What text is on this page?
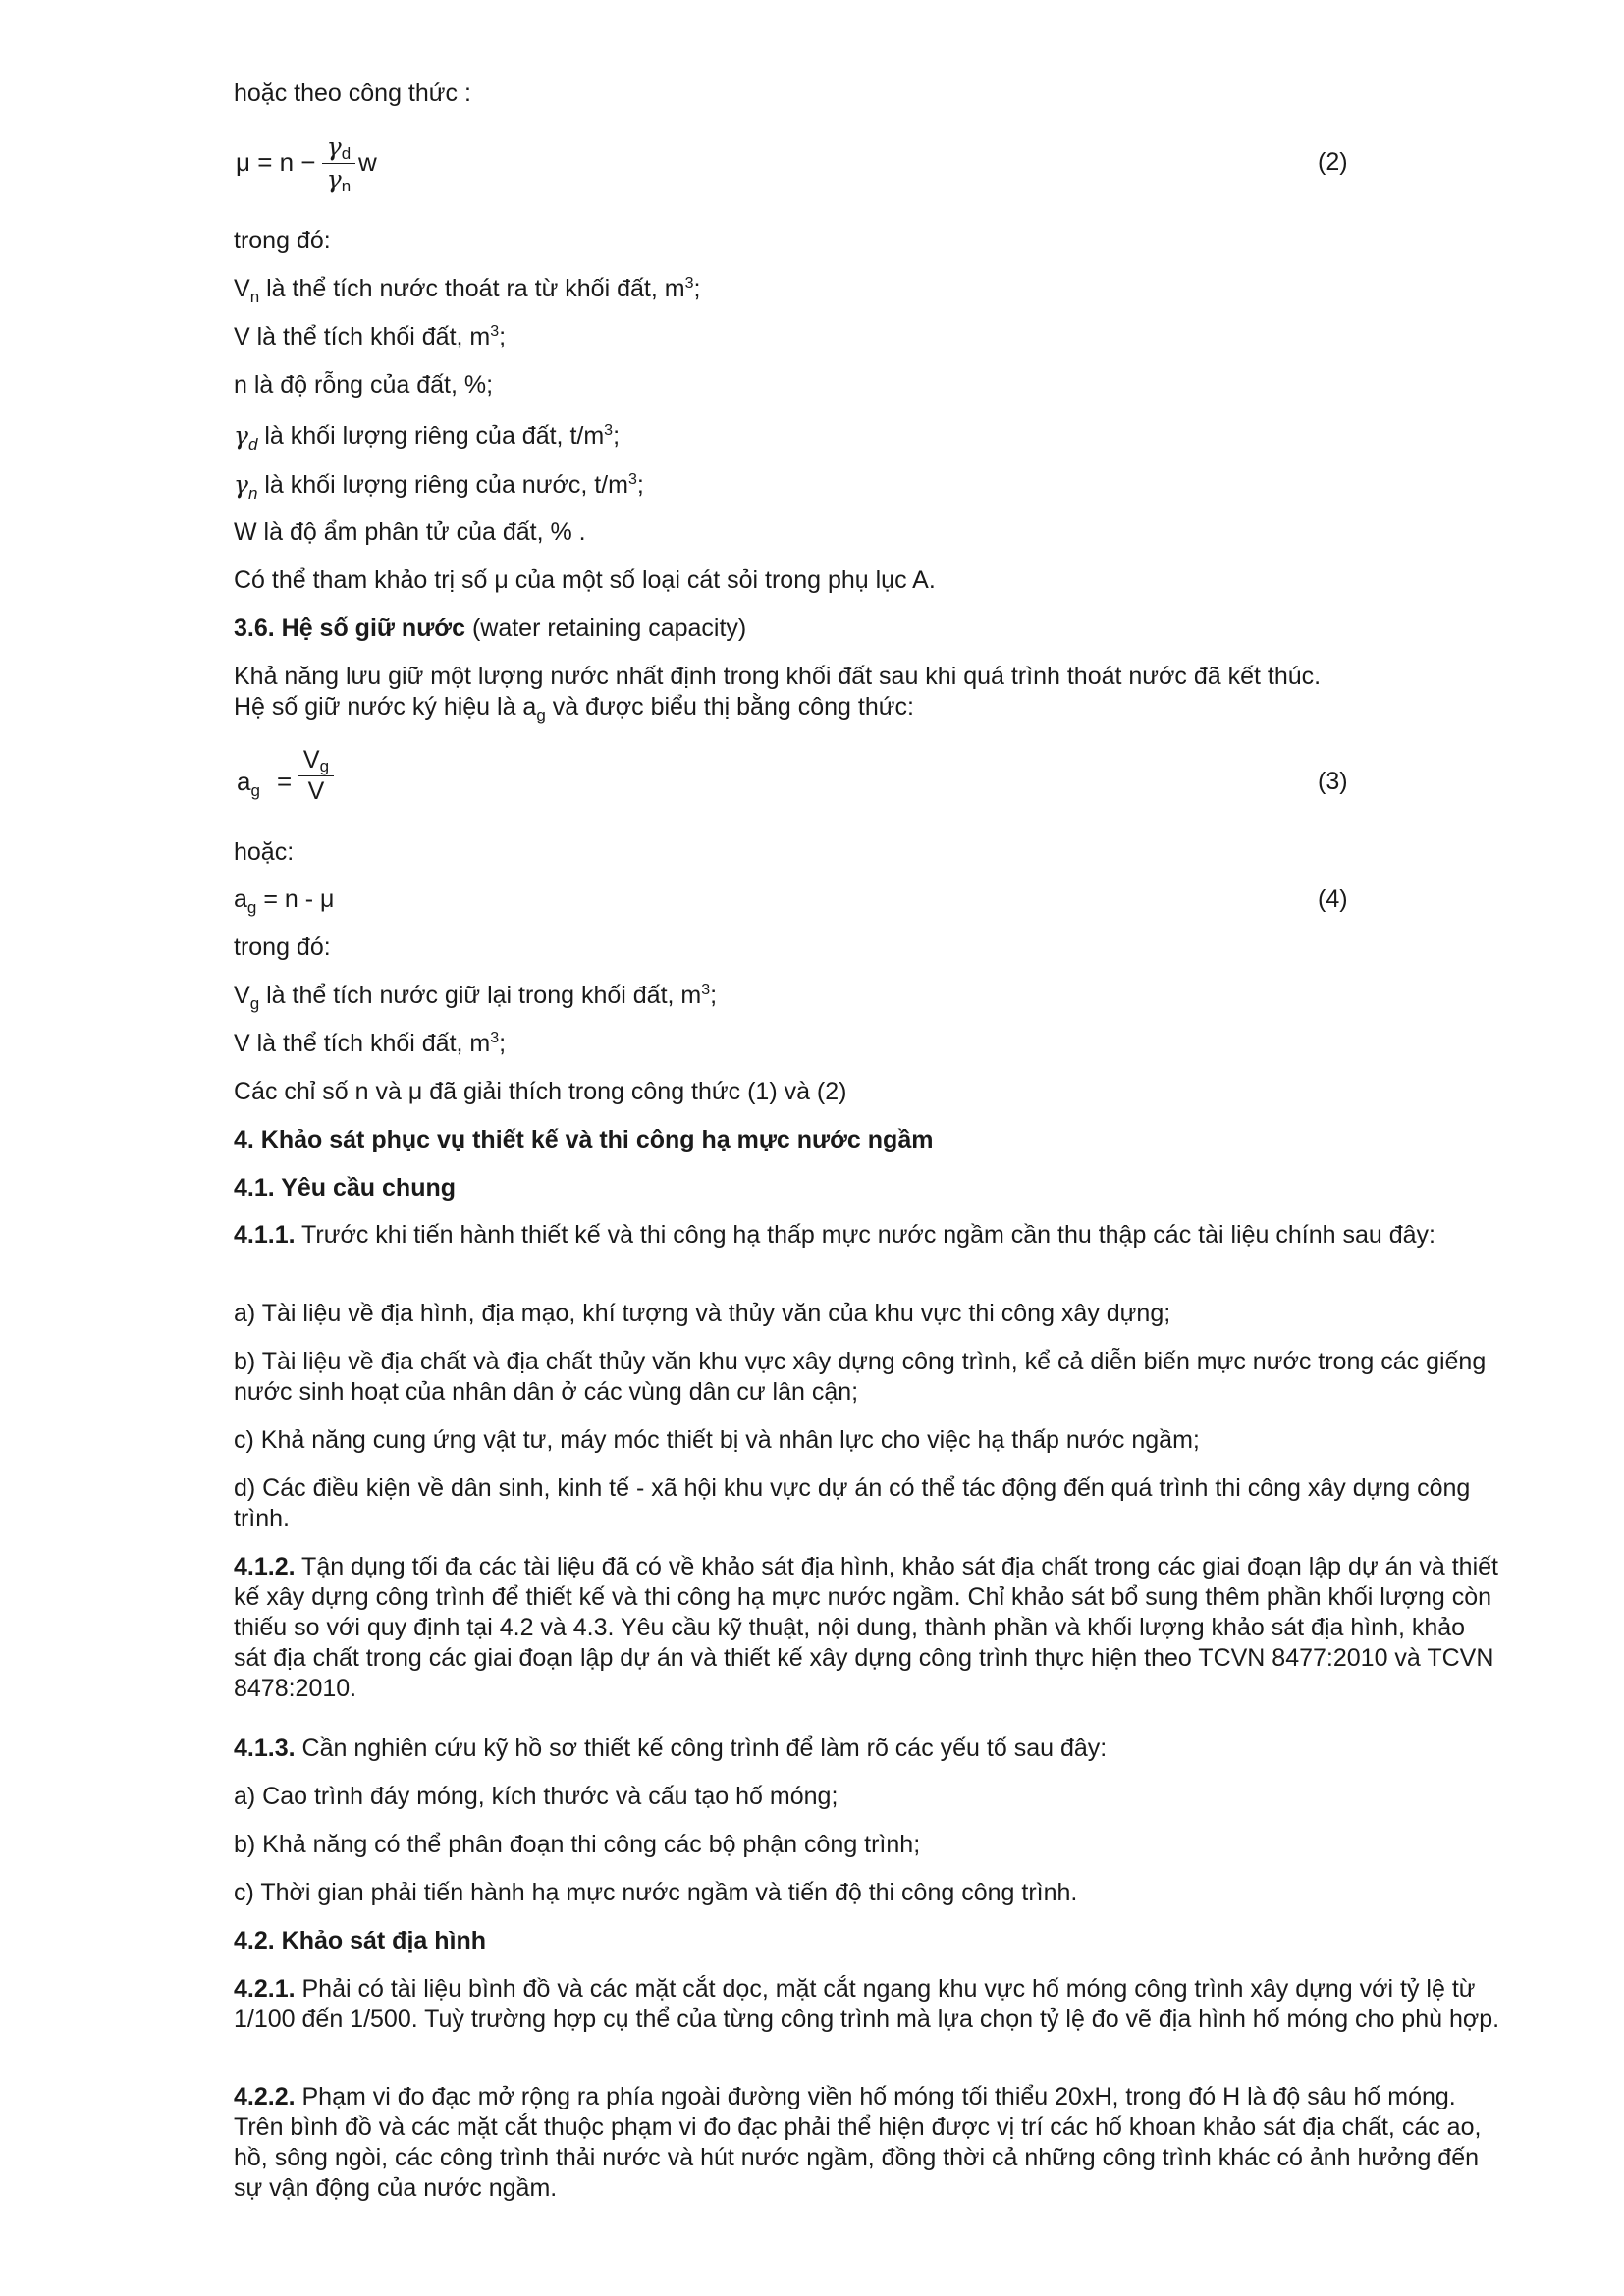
hoặc theo công thức :
μ = n −
γd
γn
w	(2)
trong đó:
$V_n$ là thể tích nước thoát ra từ khối đất, $m^3$;
V là thể tích khối đất, $m^3$;
n là độ rỗng của đất, %;
$\gamma_d$ là khối lượng riêng của đất, $t/m^3$;
$\gamma_n$ là khối lượng riêng của nước, $t/m^3$;
W là độ ẩm phân tử của đất, % .
Có thể tham khảo trị số μ của một số loại cát sỏi trong phụ lục A.
3.6. Hệ số giữ nước (water retaining capacity)
Khả năng lưu giữ một lượng nước nhất định trong khối đất sau khi quá trình thoát nước đã kết thúc.
Hệ số giữ nước ký hiệu là $a_g$ và được biểu thị bằng công thức:
$a_g$ =
Vg
V	(3)
hoặc:
$a_g = n - \mu$	(4)
trong đó:
$V_g$ là thể tích nước giữ lại trong khối đất, $m^3$;
V là thể tích khối đất, $m^3$;
Các chỉ số n và μ đã giải thích trong công thức (1) và (2)
4. Khảo sát phục vụ thiết kế và thi công hạ mực nước ngầm
4.1. Yêu cầu chung
4.1.1. Trước khi tiến hành thiết kế và thi công hạ thấp mực nước ngầm cần thu thập các tài liệu chính sau đây:
a) Tài liệu về địa hình, địa mạo, khí tượng và thủy văn của khu vực thi công xây dựng;
b) Tài liệu về địa chất và địa chất thủy văn khu vực xây dựng công trình, kể cả diễn biến mực nước trong các giếng nước sinh hoạt của nhân dân ở các vùng dân cư lân cận;
c) Khả năng cung ứng vật tư, máy móc thiết bị và nhân lực cho việc hạ thấp nước ngầm;
d) Các điều kiện về dân sinh, kinh tế - xã hội khu vực dự án có thể tác động đến quá trình thi công xây dựng công trình.
4.1.2. Tận dụng tối đa các tài liệu đã có về khảo sát địa hình, khảo sát địa chất trong các giai đoạn lập dự án và thiết kế xây dựng công trình để thiết kế và thi công hạ mực nước ngầm. Chỉ khảo sát bổ sung thêm phần khối lượng còn thiếu so với quy định tại 4.2 và 4.3. Yêu cầu kỹ thuật, nội dung, thành phần và khối lượng khảo sát địa hình, khảo sát địa chất trong các giai đoạn lập dự án và thiết kế xây dựng công trình thực hiện theo TCVN 8477:2010 và TCVN 8478:2010.
4.1.3. Cần nghiên cứu kỹ hồ sơ thiết kế công trình để làm rõ các yếu tố sau đây:
a) Cao trình đáy móng, kích thước và cấu tạo hố móng;
b) Khả năng có thể phân đoạn thi công các bộ phận công trình;
c) Thời gian phải tiến hành hạ mực nước ngầm và tiến độ thi công công trình.
4.2. Khảo sát địa hình
4.2.1. Phải có tài liệu bình đồ và các mặt cắt dọc, mặt cắt ngang khu vực hố móng công trình xây dựng với tỷ lệ từ 1/100 đến 1/500. Tuỳ trường hợp cụ thể của từng công trình mà lựa chọn tỷ lệ đo vẽ địa hình hố móng cho phù hợp.
4.2.2. Phạm vi đo đạc mở rộng ra phía ngoài đường viền hố móng tối thiểu 20xH, trong đó H là độ sâu hố móng. Trên bình đồ và các mặt cắt thuộc phạm vi đo đạc phải thể hiện được vị trí các hố khoan khảo sát địa chất, các ao, hồ, sông ngòi, các công trình thải nước và hút nước ngầm, đồng thời cả những công trình khác có ảnh hưởng đến sự vận động của nước ngầm.
